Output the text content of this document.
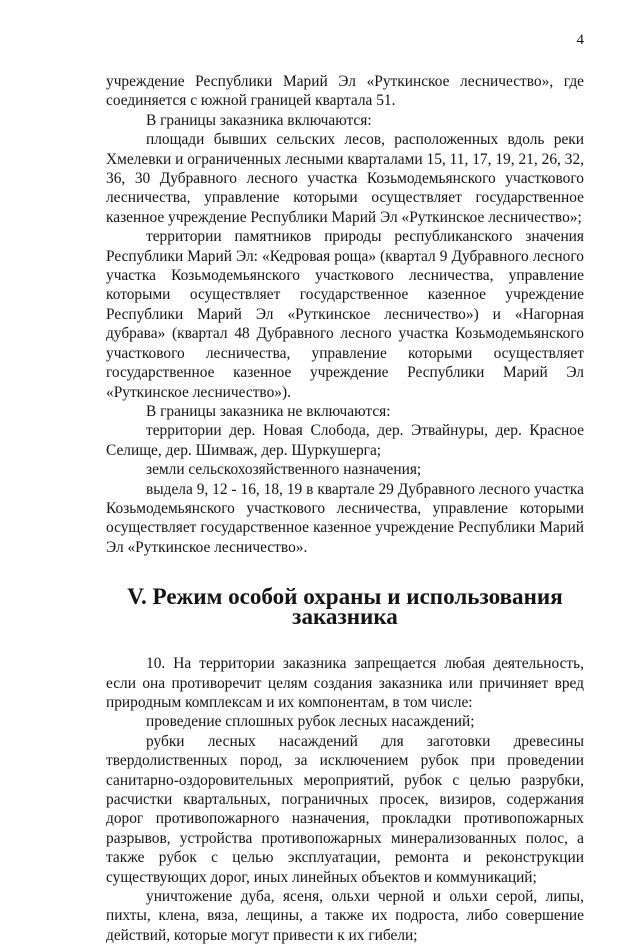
4

учреждение Республики Марий Эл «Руткинское лесничество», где соединяется с южной границей квартала 51.

В границы заказника включаются:

площади бывших сельских лесов, расположенных вдоль реки Хмелевки и ограниченных лесными кварталами 15, 11, 17, 19, 21, 26, 32, 36, 30 Дубравного лесного участка Козьмодемьянского участкового лесничества, управление которыми осуществляет государственное казенное учреждение Республики Марий Эл «Руткинское лесничество»;

территории памятников природы республиканского значения Республики Марий Эл: «Кедровая роща» (квартал 9 Дубравного лесного участка Козьмодемьянского участкового лесничества, управление которыми осуществляет государственное казенное учреждение Республики Марий Эл «Руткинское лесничество») и «Нагорная дубрава» (квартал 48 Дубравного лесного участка Козьмодемьянского участкового лесничества, управление которыми осуществляет государственное казенное учреждение Республики Марий Эл «Руткинское лесничество»).

В границы заказника не включаются:

территории дер. Новая Слобода, дер. Этвайнуры, дер. Красное Селище, дер. Шимваж, дер. Шуркушерга;

земли сельскохозяйственного назначения;

выдела 9, 12 - 16, 18, 19 в квартале 29 Дубравного лесного участка Козьмодемьянского участкового лесничества, управление которыми осуществляет государственное казенное учреждение Республики Марий Эл «Руткинское лесничество».

V. Режим особой охраны и использования заказника

10. На территории заказника запрещается любая деятельность, если она противоречит целям создания заказника или причиняет вред природным комплексам и их компонентам, в том числе:

проведение сплошных рубок лесных насаждений;

рубки лесных насаждений для заготовки древесины твердолиственных пород, за исключением рубок при проведении санитарно-оздоровительных мероприятий, рубок с целью разрубки, расчистки квартальных, пограничных просек, визиров, содержания дорог противопожарного назначения, прокладки противопожарных разрывов, устройства противопожарных минерализованных полос, а также рубок с целью эксплуатации, ремонта и реконструкции существующих дорог, иных линейных объектов и коммуникаций;

уничтожение дуба, ясеня, ольхи черной и ольхи серой, липы, пихты, клена, вяза, лещины, а также их подроста, либо совершение действий, которые могут привести к их гибели;
